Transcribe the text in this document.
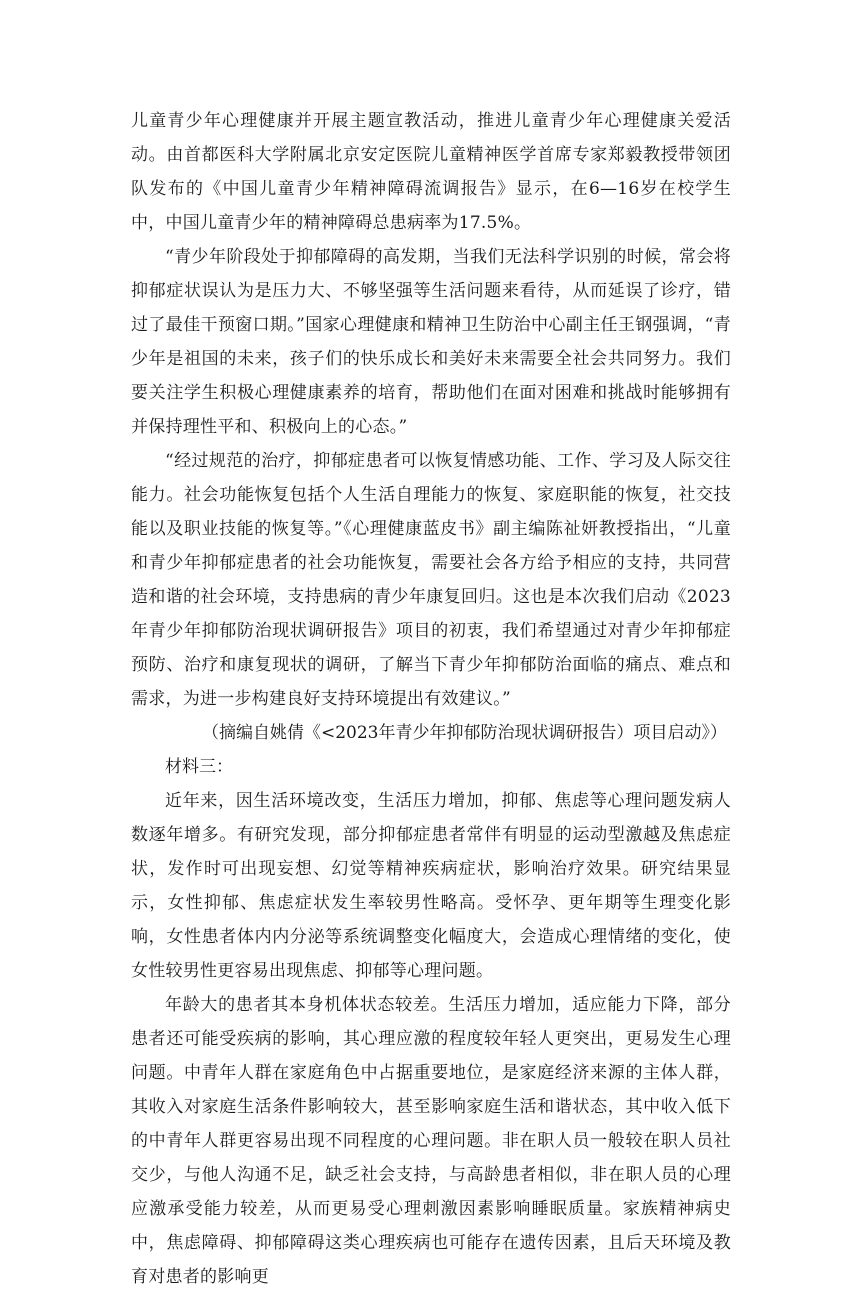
儿童青少年心理健康并开展主题宣教活动，推进儿童青少年心理健康关爱活动。由首都医科大学附属北京安定医院儿童精神医学首席专家郑毅教授带领团队发布的《中国儿童青少年精神障碍流调报告》显示，在6—16岁在校学生中，中国儿童青少年的精神障碍总患病率为17.5%。

“青少年阶段处于抑郁障碍的高发期，当我们无法科学识别的时候，常会将抑郁症状误认为是压力大、不够坚强等生活问题来看待，从而延误了诊疗，错过了最佳干预窗口期。”国家心理健康和精神卫生防治中心副主任王钢强调，“青少年是祖国的未来，孩子们的快乐成长和美好未来需要全社会共同努力。我们要关注学生积极心理健康素养的培育，帮助他们在面对困难和挑战时能够拥有并保持理性平和、积极向上的心态。”

“经过规范的治疗，抑郁症患者可以恢复情感功能、工作、学习及人际交往能力。社会功能恢复包括个人生活自理能力的恢复、家庭职能的恢复，社交技能以及职业技能的恢复等。”《心理健康蓝皮书》副主编陈祉妍教授指出，“儿童和青少年抑郁症患者的社会功能恢复，需要社会各方给予相应的支持，共同营造和谐的社会环境，支持患病的青少年康复回归。这也是本次我们启动《2023年青少年抑郁防治现状调研报告》项目的初衷，我们希望通过对青少年抑郁症预防、治疗和康复现状的调研，了解当下青少年抑郁防治面临的痛点、难点和需求，为进一步构建良好支持环境提出有效建议。”

（摘编自姚倩《<2023年青少年抑郁防治现状调研报告）项目启动》）

材料三：

近年来，因生活环境改变，生活压力增加，抑郁、焦虑等心理问题发病人数逐年增多。有研究发现，部分抑郁症患者常伴有明显的运动型激越及焦虑症状，发作时可出现妄想、幻觉等精神疾病症状，影响治疗效果。研究结果显示，女性抑郁、焦虑症状发生率较男性略高。受怀孕、更年期等生理变化影响，女性患者体内内分泌等系统调整变化幅度大，会造成心理情绪的变化，使女性较男性更容易出现焦虑、抑郁等心理问题。

年龄大的患者其本身机体状态较差。生活压力增加，适应能力下降，部分患者还可能受疾病的影响，其心理应激的程度较年轻人更突出，更易发生心理问题。中青年人群在家庭角色中占据重要地位，是家庭经济来源的主体人群，其收入对家庭生活条件影响较大，甚至影响家庭生活和谐状态，其中收入低下的中青年人群更容易出现不同程度的心理问题。非在职人员一般较在职人员社交少，与他人沟通不足，缺乏社会支持，与高龄患者相似，非在职人员的心理应激承受能力较差，从而更易受心理刺激因素影响睡眠质量。家族精神病史中，焦虑障碍、抑郁障碍这类心理疾病也可能存在遗传因素，且后天环境及教育对患者的影响更
